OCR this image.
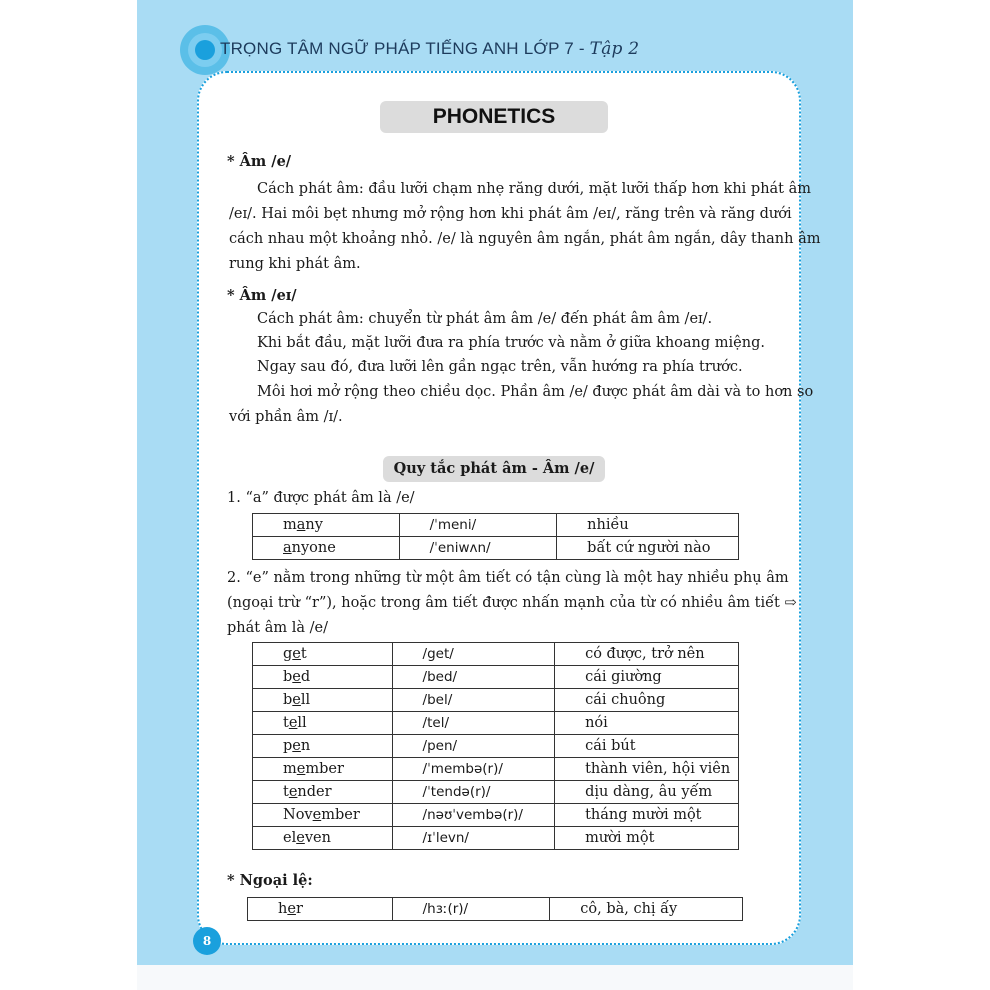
TRỌNG TÂM NGỮ PHÁP TIẾNG ANH LỚP 7 - Tập 2
PHONETICS
* Âm /e/
Cách phát âm: đầu lưỡi chạm nhẹ răng dưới, mặt lưỡi thấp hơn khi phát âm
/eɪ/. Hai môi bẹt nhưng mở rộng hơn khi phát âm /eɪ/, răng trên và răng dưới
cách nhau một khoảng nhỏ. /e/ là nguyên âm ngắn, phát âm ngắn, dây thanh âm
rung khi phát âm.
* Âm /eɪ/
Cách phát âm: chuyển từ phát âm âm /e/ đến phát âm âm /eɪ/.
Khi bắt đầu, mặt lưỡi đưa ra phía trước và nằm ở giữa khoang miệng.
Ngay sau đó, đưa lưỡi lên gần ngạc trên, vẫn hướng ra phía trước.
Môi hơi mở rộng theo chiều dọc. Phần âm /e/ được phát âm dài và to hơn so
với phần âm /ɪ/.
Quy tắc phát âm - Âm /e/
1. “a” được phát âm là /e/
many	/ˈmeni/	nhiều
anyone	/ˈeniwʌn/	bất cứ người nào
2. “e” nằm trong những từ một âm tiết có tận cùng là một hay nhiều phụ âm
(ngoại trừ “r”), hoặc trong âm tiết được nhấn mạnh của từ có nhiều âm tiết ⇨
phát âm là /e/
get	/get/	có được, trở nên
bed	/bed/	cái giường
bell	/bel/	cái chuông
tell	/tel/	nói
pen	/pen/	cái bút
member	/ˈmembə(r)/	thành viên, hội viên
tender	/ˈtendə(r)/	dịu dàng, âu yếm
November	/nəʊˈvembə(r)/	tháng mười một
eleven	/ɪˈlevn/	mười một
* Ngoại lệ:
her	/hɜː(r)/	cô, bà, chị ấy
8
